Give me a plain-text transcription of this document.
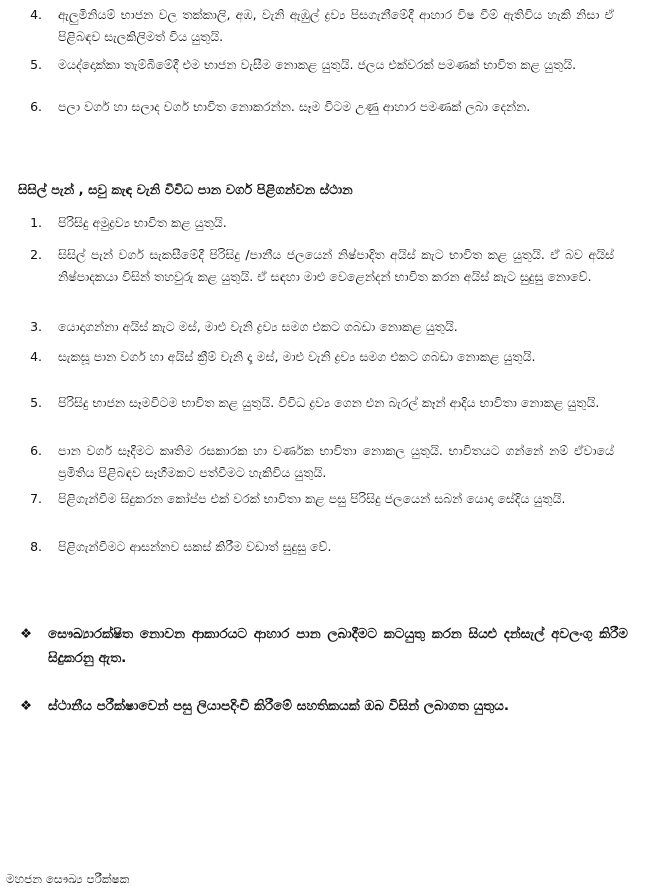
4. ඇලුමිනියම් භාජන වල තක්කාලි, අඹ, වැනි ඇඹුල් ද්‍රව්‍ය පිසගැනීමේදී ආහාර විෂ වීම් ඇතිවිය හැකි නිසා ඒ පිළිබඳව සැලකිලිමත් විය යුතුයි.
5. මයද්දොක්කා තැම්බීමේදී එම භාජන වැසීම නොකළ යුතුයි. ජලය එක්වරක් පමණක් භාවිත කළ යුතුයි.
6. පලා වර්ග හා සලාද වර්ග භාවිත නොකරන්න. සෑම විටම උණු ආහාර පමණක් ලබා දෙන්න.
සිසිල් පැන් , සවු කැඳ වැනි විවිධ පාන වර්ග පිළිගන්වන ස්ථාන
1. පිරිසිදු අමුද්‍රව්‍ය භාවිත කළ යුතුයි.
2. සිසිල් පැන් වර්ග සැකසීමේදී පිරිසිදු /පානීය ජලයෙන් නිෂ්පාදිත අයිස් කැට භාවිත කළ යුතුයි. ඒ බව අයිස් නිෂ්පාදකයා විසින් තහවුරු කළ යුතුයි. ඒ සඳහා මාළු වෙළෙන්දන් භාවිත කරන අයිස් කැට සුදුසු නොවේ.
3. යොදාගන්නා අයිස් කැට මස්, මාළු වැනි ද්‍රව්‍ය සමග එකට ගබඩා නොකළ යුතුයි.
4. සැකසූ පාන වර්ග හා අයිස් ක්‍රීම් වැනි දෑ මස්, මාළු වැනි ද්‍රව්‍ය සමග එකට ගබඩා නොකළ යුතුයි.
5. පිරිසිදු භාජන සෑමවිටම භාවිත කළ යුතුයි. විවිධ ද්‍රව්‍ය ගෙන එන බැරල් කෑන් ආදිය භාවිතා නොකළ යුතුයි.
6. පාන වර්ග සෑදීමට කෘතිම රසකාරක හා වර්ණක භාවිතා නොකල යුතුයි. භාවිතයට ගන්නේ නම් ඒවායේ ප්‍රමිතිය පිළිබඳව සෑහීමකට පත්වීමට හැකිවිය යුතුයි.
7. පිළිගැන්වීම සිදුකරන කෝප්ප එක් වරක් භාවිතා කළ පසු පිරිසිදු ජලයෙන් සබන් යොදා සේදිය යුතුයි.
8. පිළිගැන්වීමට ආසන්නව සකස් කිරීම වඩාත් සුදුසු වේ.
❖	සෞඛ්‍යාරක්ෂිත නොවන ආකාරයට ආහාර පාන ලබාදීමට කටයුතු කරන සියළු දන්සැල් අවලංගු කිරීම සිදුකරනු ඇත.
❖	ස්ථානීය පරීක්ෂාවෙන් පසු ලියාපදිංචි කිරීමේ සහතිකයක් ඔබ විසින් ලබාගත යුතුය.
මහජන සෞඛ්‍ය පරීක්ෂක
